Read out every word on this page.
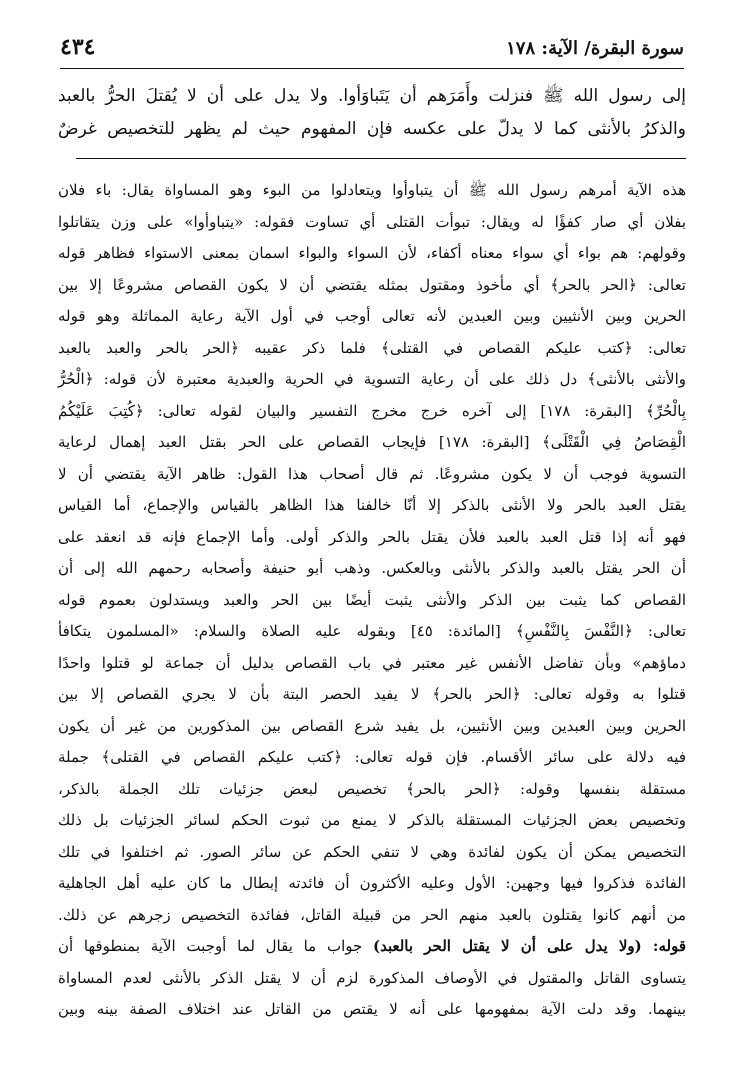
سورة البقرة/ الآية: ١٧٨
٤٣٤
إلى رسول الله ﷺ فنزلت وأَمَرَهم أن يَتَباوَأوا. ولا يدل على أن لا يُقتلَ الحرُّ بالعبد
والذكرُ بالأنثى كما لا يدلّ على عكسه فإن المفهوم حيث لم يظهر للتخصيص غرضٌ
هذه الآية أمرهم رسول الله ﷺ أن يتباوأوا ويتعادلوا من البوء وهو المساواة يقال: باء فلان
بفلان أي صار كفؤًا له ويقال: تبوأت القتلى أي تساوت فقوله: «يتباوأوا» على وزن يتقاتلوا
وقولهم: هم بواء أي سواء معناه أكفاء، لأن السواء والبواء اسمان بمعنى الاستواء فظاهر قوله
تعالى: ﴿الحر بالحر﴾ أي مأخوذ ومقتول بمثله يقتضي أن لا يكون القصاص مشروعًا إلا بين
الحرين وبين الأنثيين وبين العبدين لأنه تعالى أوجب في أول الآية رعاية المماثلة وهو قوله
تعالى: ﴿كتب عليكم القصاص في القتلى﴾ فلما ذكر عقيبه ﴿الحر بالحر والعبد بالعبد
والأنثى بالأنثى﴾ دل ذلك على أن رعاية التسوية في الحرية والعبدية معتبرة لأن قوله: ﴿الْحُرُّ
بِالْحُرِّ﴾ [البقرة: ١٧٨] إلى آخره خرج مخرج التفسير والبيان لقوله تعالى: ﴿كُتِبَ عَلَيْكُمُ
الْقِصَاصُ فِي الْقَتْلَى﴾ [البقرة: ١٧٨] فإيجاب القصاص على الحر بقتل العبد إهمال لرعاية
التسوية فوجب أن لا يكون مشروعًا. ثم قال أصحاب هذا القول: ظاهر الآية يقتضي أن لا
يقتل العبد بالحر ولا الأنثى بالذكر إلا أنّا خالفنا هذا الظاهر بالقياس والإجماع، أما القياس
فهو أنه إذا قتل العبد بالعبد فلأن يقتل بالحر والذكر أولى. وأما الإجماع فإنه قد انعقد على
أن الحر يقتل بالعبد والذكر بالأنثى وبالعكس. وذهب أبو حنيفة وأصحابه رحمهم الله إلى أن
القصاص كما يثبت بين الذكر والأنثى يثبت أيضًا بين الحر والعبد ويستدلون بعموم قوله
تعالى: ﴿النَّفْسَ بِالنَّفْسِ﴾ [المائدة: ٤٥] وبقوله عليه الصلاة والسلام: «المسلمون يتكافأ
دماؤهم» وبأن تفاضل الأنفس غير معتبر في باب القصاص بدليل أن جماعة لو قتلوا واحدًا
قتلوا به وقوله تعالى: ﴿الحر بالحر﴾ لا يفيد الحصر البتة بأن لا يجري القصاص إلا بين
الحرين وبين العبدين وبين الأنثيين، بل يفيد شرع القصاص بين المذكورين من غير أن يكون
فيه دلالة على سائر الأقسام. فإن قوله تعالى: ﴿كتب عليكم القصاص في القتلى﴾ جملة
مستقلة بنفسها وقوله: ﴿الحر بالحر﴾ تخصيص لبعض جزئيات تلك الجملة بالذكر،
وتخصيص بعض الجزئيات المستقلة بالذكر لا يمنع من ثبوت الحكم لسائر الجزئيات بل ذلك
التخصيص يمكن أن يكون لفائدة وهي لا تنفي الحكم عن سائر الصور. ثم اختلفوا في تلك
الفائدة فذكروا فيها وجهين: الأول وعليه الأكثرون أن فائدته إبطال ما كان عليه أهل الجاهلية
من أنهم كانوا يقتلون بالعبد منهم الحر من قبيلة القاتل، ففائدة التخصيص زجرهم عن ذلك.
قوله: (ولا يدل على أن لا يقتل الحر بالعبد) جواب ما يقال لما أوجبت الآية بمنطوقها أن
يتساوى القاتل والمقتول في الأوصاف المذكورة لزم أن لا يقتل الذكر بالأنثى لعدم المساواة
بينهما. وقد دلت الآية بمفهومها على أنه لا يقتص من القاتل عند اختلاف الصفة بينه وبين
